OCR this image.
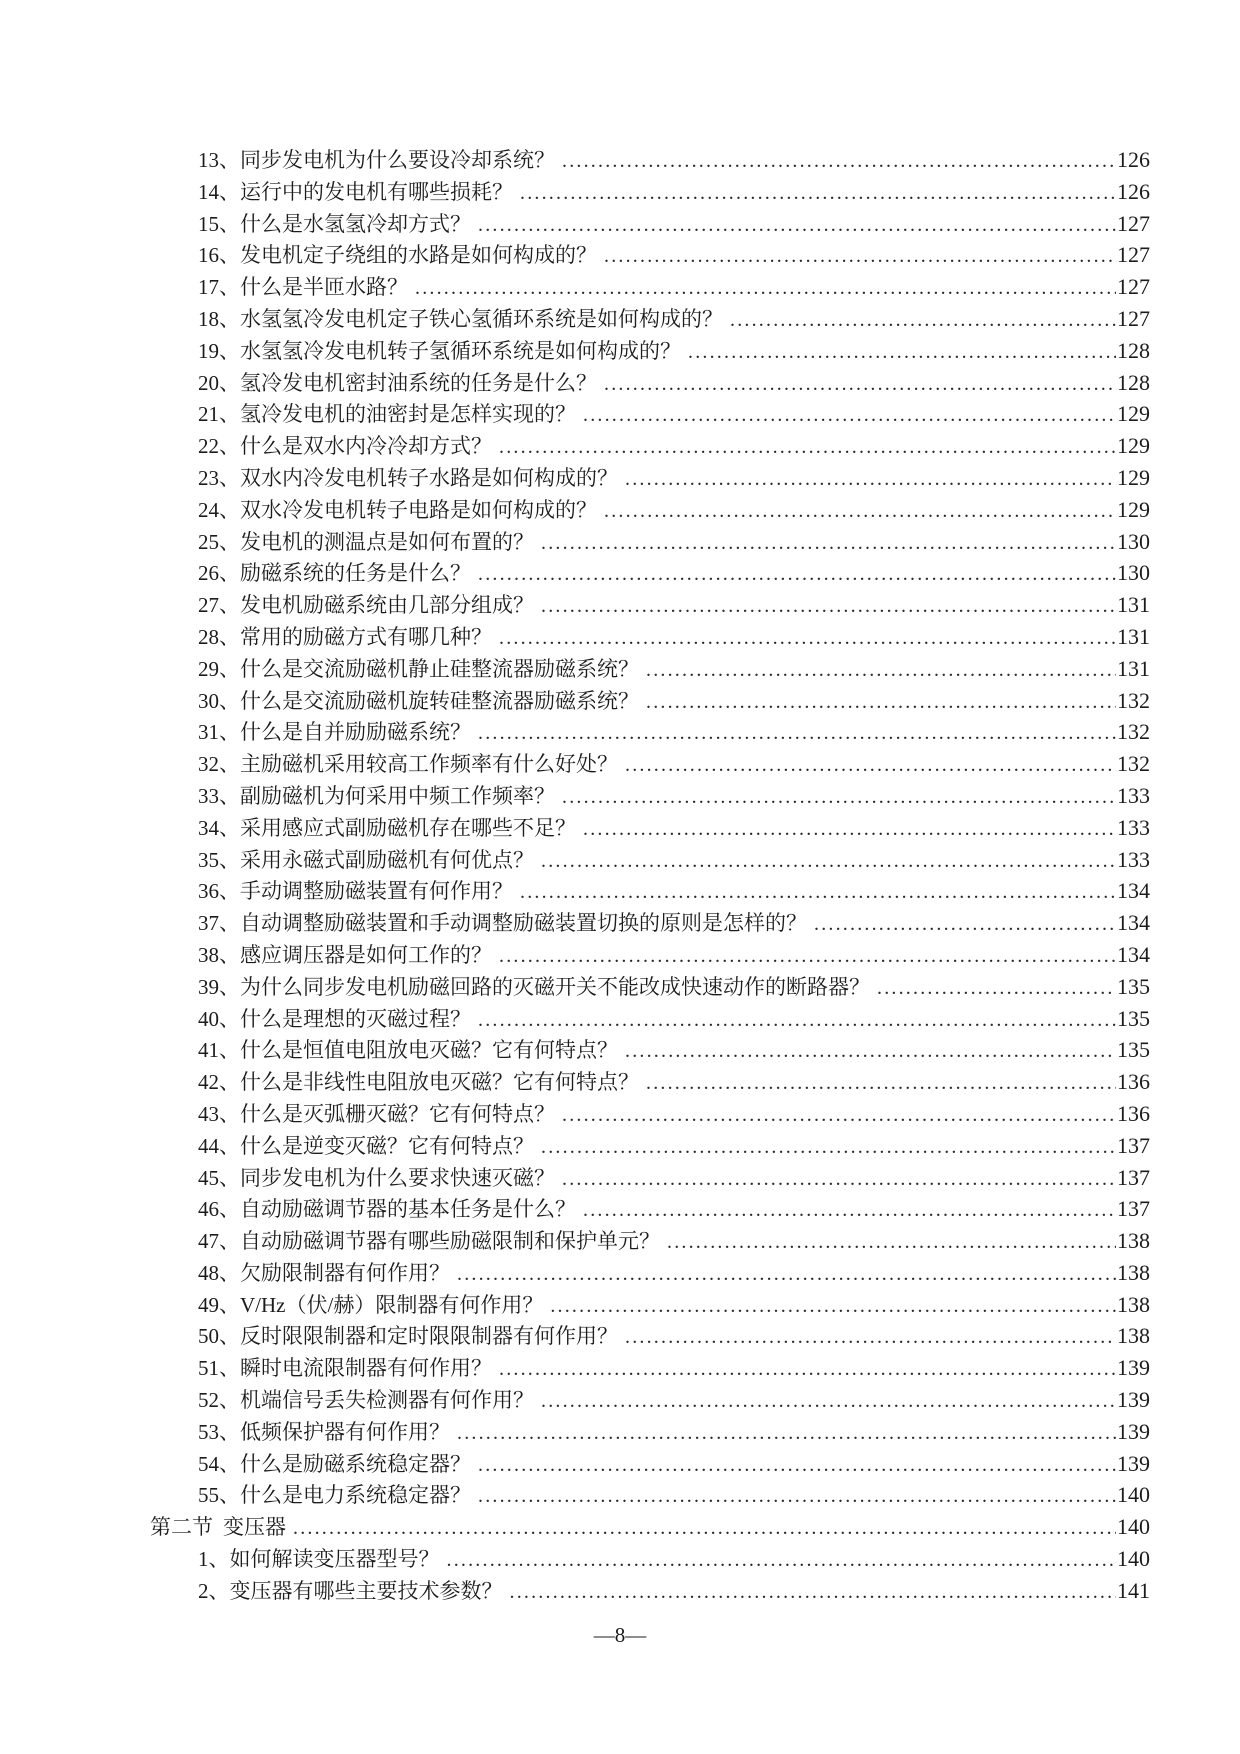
13、 同步发电机为什么要设冷却系统？ .....	126
14、 运行中的发电机有哪些损耗？ .....	126
15、 什么是水氢氢冷却方式？ .....	127
16、 发电机定子绕组的水路是如何构成的？ .....	127
17、 什么是半匝水路？ .....	127
18、 水氢氢冷发电机定子铁心氢循环系统是如何构成的？ .....	127
19、 水氢氢冷发电机转子氢循环系统是如何构成的？ .....	128
20、 氢冷发电机密封油系统的任务是什么？ .....	128
21、 氢冷发电机的油密封是怎样实现的？ .....	129
22、 什么是双水内冷冷却方式？ .....	129
23、 双水内冷发电机转子水路是如何构成的？ .....	129
24、 双水冷发电机转子电路是如何构成的？ .....	129
25、 发电机的测温点是如何布置的？ .....	130
26、 励磁系统的任务是什么？ .....	130
27、 发电机励磁系统由几部分组成？ .....	131
28、 常用的励磁方式有哪几种？ .....	131
29、 什么是交流励磁机静止硅整流器励磁系统？ .....	131
30、 什么是交流励磁机旋转硅整流器励磁系统？ .....	132
31、 什么是自并励励磁系统？ .....	132
32、 主励磁机采用较高工作频率有什么好处？ .....	132
33、 副励磁机为何采用中频工作频率？ .....	133
34、 采用感应式副励磁机存在哪些不足？ .....	133
35、 采用永磁式副励磁机有何优点？ .....	133
36、 手动调整励磁装置有何作用？ .....	134
37、 自动调整励磁装置和手动调整励磁装置切换的原则是怎样的？ .....	134
38、 感应调压器是如何工作的？ .....	134
39、 为什么同步发电机励磁回路的灭磁开关不能改成快速动作的断路器？ .....	135
40、 什么是理想的灭磁过程？ .....	135
41、 什么是恒值电阻放电灭磁？它有何特点？ .....	135
42、 什么是非线性电阻放电灭磁？它有何特点？ .....	136
43、 什么是灭弧栅灭磁？它有何特点？ .....	136
44、 什么是逆变灭磁？它有何特点？ .....	137
45、 同步发电机为什么要求快速灭磁？ .....	137
46、 自动励磁调节器的基本任务是什么？ .....	137
47、 自动励磁调节器有哪些励磁限制和保护单元？ .....	138
48、 欠励限制器有何作用？ .....	138
49、 V/Hz（伏/赫）限制器有何作用？ .....	138
50、 反时限限制器和定时限限制器有何作用？ .....	138
51、 瞬时电流限制器有何作用？ .....	139
52、 机端信号丢失检测器有何作用？ .....	139
53、 低频保护器有何作用？ .....	139
54、 什么是励磁系统稳定器？ .....	139
55、 什么是电力系统稳定器？ .....	140
第二节 变压器 .....	140
1、 如何解读变压器型号？ .....	140
2、 变压器有哪些主要技术参数？ .....	141
—8—
